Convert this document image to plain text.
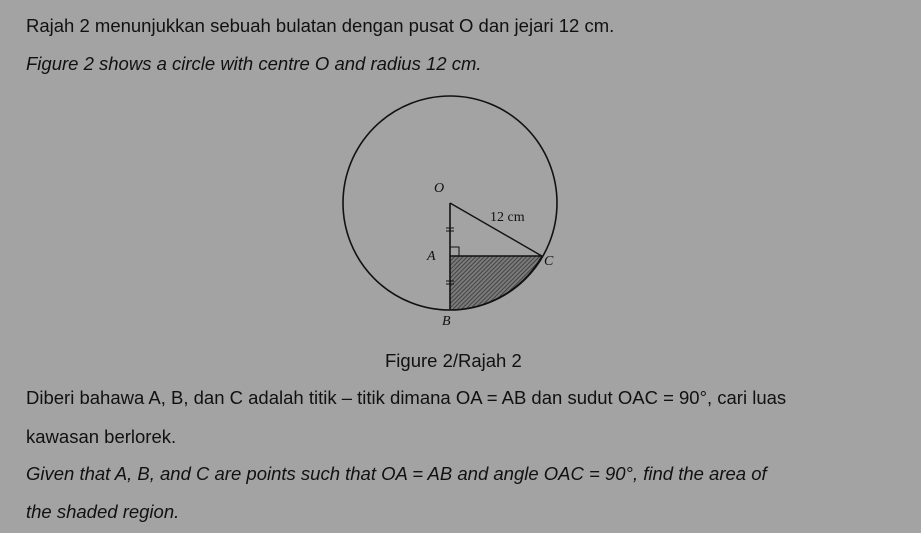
Rajah 2 menunjukkan sebuah bulatan dengan pusat O dan jejari 12 cm.
Figure 2 shows a circle with centre O and radius 12 cm.
O
A
B
C
12 cm
Figure 2/Rajah 2
Diberi bahawa A, B, dan C adalah titik – titik dimana OA = AB dan sudut OAC = 90°, cari luas
kawasan berlorek.
Given that A, B, and C are points such that OA = AB and angle OAC = 90°, find the area of
the shaded region.
